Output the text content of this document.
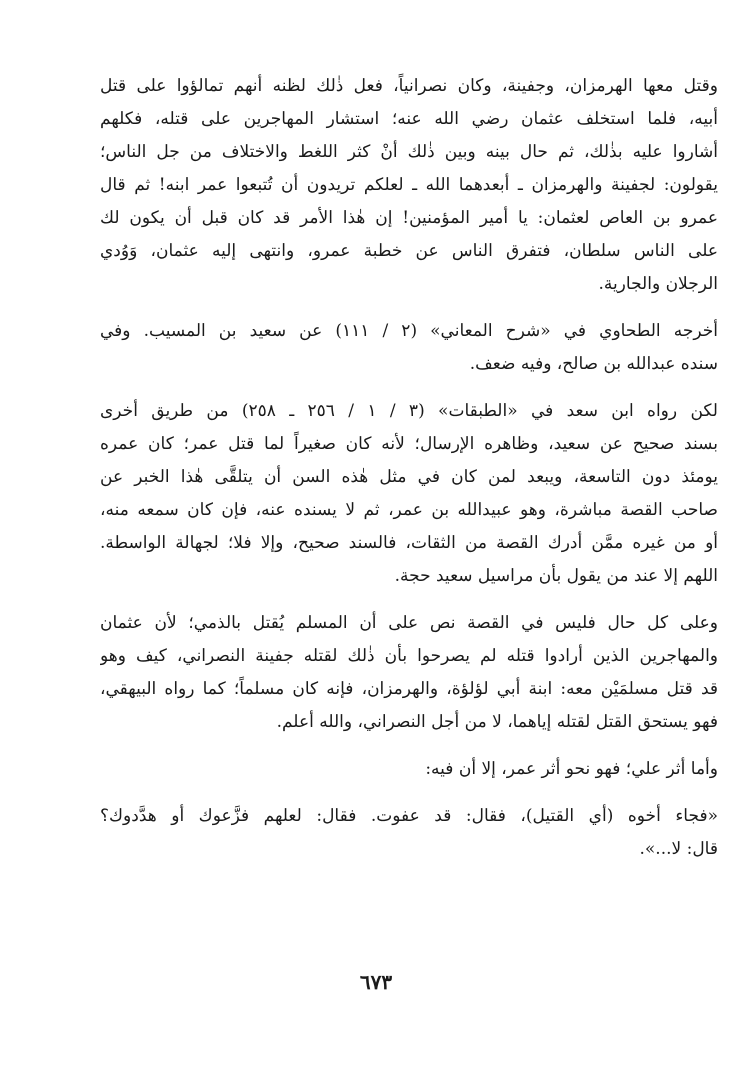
وقتل معها الهرمزان، وجفينة، وكان نصرانياً، فعل ذٰلك لظنه أنهم تمالؤوا على قتل
أبيه، فلما استخلف عثمان رضي الله عنه؛ استشار المهاجرين على قتله، فكلهم
أشاروا عليه بذٰلك، ثم حال بينه وبين ذٰلك أنْ كثر اللغط والاختلاف من جل الناس؛
يقولون: لجفينة والهرمزان ـ أبعدهما الله ـ لعلكم تريدون أن تُتبعوا عمر ابنه! ثم قال
عمرو بن العاص لعثمان: يا أمير المؤمنين! إن هٰذا الأمر قد كان قبل أن يكون لك
على الناس سلطان، فتفرق الناس عن خطبة عمرو، وانتهى إليه عثمان، وَوُدي
الرجلان والجارية.
أخرجه الطحاوي في «شرح المعاني» (٢ / ١١١) عن سعيد بن المسيب. وفي
سنده عبدالله بن صالح، وفيه ضعف.
لكن رواه ابن سعد في «الطبقات» (٣ / ١ / ٢٥٦ ـ ٢٥٨) من طريق أخرى
بسند صحيح عن سعيد، وظاهره الإرسال؛ لأنه كان صغيراً لما قتل عمر؛ كان عمره
يومئذ دون التاسعة، ويبعد لمن كان في مثل هٰذه السن أن يتلقَّى هٰذا الخبر عن
صاحب القصة مباشرة، وهو عبيدالله بن عمر، ثم لا يسنده عنه، فإن كان سمعه منه،
أو من غيره ممَّن أدرك القصة من الثقات، فالسند صحيح، وإلا فلا؛ لجهالة الواسطة.
اللهم إلا عند من يقول بأن مراسيل سعيد حجة.
وعلى كل حال فليس في القصة نص على أن المسلم يُقتل بالذمي؛ لأن عثمان
والمهاجرين الذين أرادوا قتله لم يصرحوا بأن ذٰلك لقتله جفينة النصراني، كيف وهو
قد قتل مسلمَيْن معه: ابنة أبي لؤلؤة، والهرمزان، فإنه كان مسلماً؛ كما رواه البيهقي،
فهو يستحق القتل لقتله إياهما، لا من أجل النصراني، والله أعلم.
وأما أثر علي؛ فهو نحو أثر عمر، إلا أن فيه:
«فجاء أخوه (أي القتيل)، فقال: قد عفوت. فقال: لعلهم فزَّعوك أو هدَّدوك؟
قال: لا...».
٦٧٣
